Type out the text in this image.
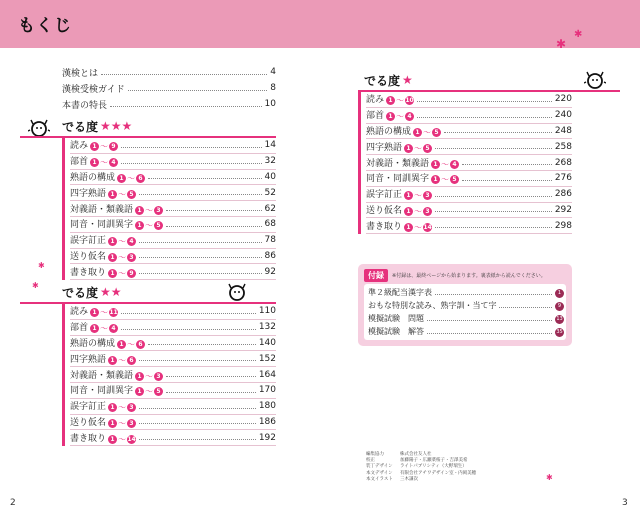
もくじ
✱
✱
✱
✱
✱
漢検とは	4
漢検受検ガイド	8
本書の特長	10
でる度 ★★★
読み 1 〜 9	14
部首 1 〜 4	32
熟語の構成 1 〜 6	40
四字熟語 1 〜 5	52
対義語・類義語 1 〜 3	62
同音・同訓異字 1 〜 5	68
誤字訂正 1 〜 4	78
送り仮名 1 〜 3	86
書き取り 1 〜 9	92
でる度 ★★
読み 1 〜 11	110
部首 1 〜 4	132
熟語の構成 1 〜 6	140
四字熟語 1 〜 6	152
対義語・類義語 1 〜 3	164
同音・同訓異字 1 〜 5	170
誤字訂正 1 〜 3	180
送り仮名 1 〜 3	186
書き取り 1 〜 14	192
でる度 ★
読み 1 〜 10	220
部首 1 〜 4	240
熟語の構成 1 〜 5	248
四字熟語 1 〜 5	258
対義語・類義語 1 〜 4	268
同音・同訓異字 1 〜 5	276
誤字訂正 1 〜 3	286
送り仮名 1 〜 3	292
書き取り 1 〜 14	298
付録	※付録は、最終ページから始まります。裏表紙から読んでください。
準２級配当漢字表	1
おもな特別な読み、熟字訓・当て字	9
模擬試験　問題	13
模擬試験　解答	35
編集協力	株式会社友人社
校正	加藤陽子・広瀬菜桜子・吉澤美希
装丁デザイン	ライトパブリシティ（大野瑞生）
本文デザイン	有限会社アチワデザイン室・内岡美穂
本文イラスト	三木謙次
2	3
